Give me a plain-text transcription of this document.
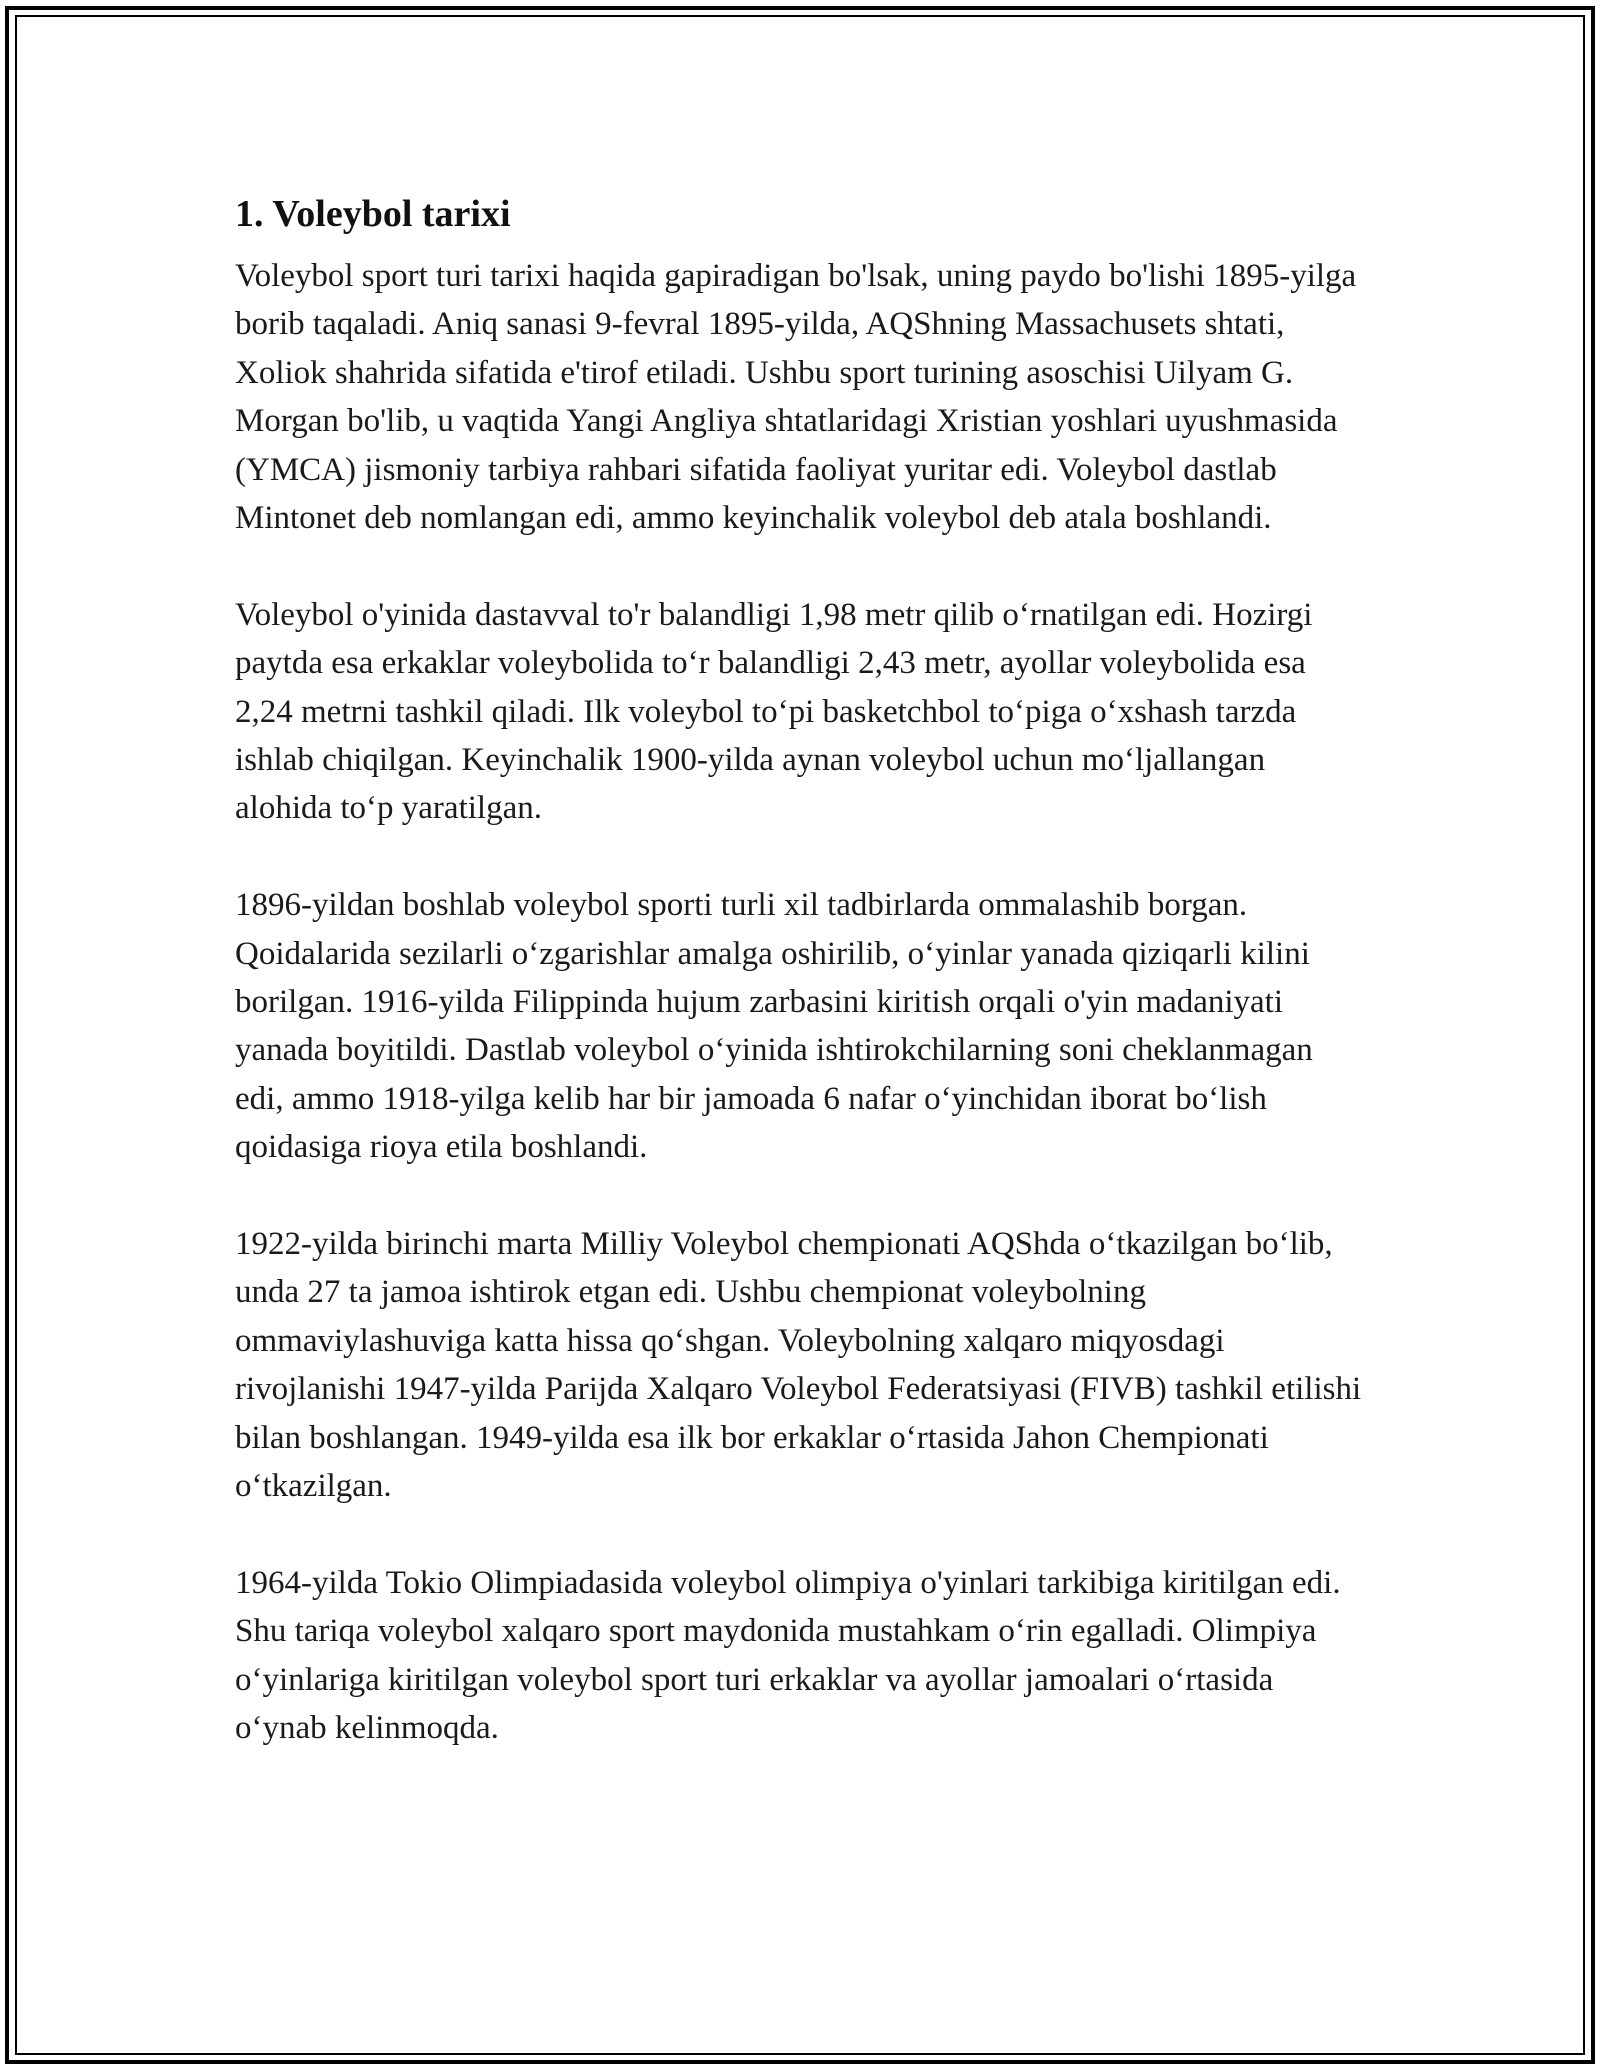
1. Voleybol tarixi

Voleybol sport turi tarixi haqida gapiradigan bo'lsak, uning paydo bo'lishi 1895-yilga borib taqaladi. Aniq sanasi 9-fevral 1895-yilda, AQShning Massachusets shtati, Xoliok shahrida sifatida e'tirof etiladi. Ushbu sport turining asoschisi Uilyam G. Morgan bo'lib, u vaqtida Yangi Angliya shtatlaridagi Xristian yoshlari uyushmasida (YMCA) jismoniy tarbiya rahbari sifatida faoliyat yuritar edi. Voleybol dastlab Mintonet deb nomlangan edi, ammo keyinchalik voleybol deb atala boshlandi.

Voleybol o'yinida dastavval to'r balandligi 1,98 metr qilib oʻrnatilgan edi. Hozirgi paytda esa erkaklar voleybolida toʻr balandligi 2,43 metr, ayollar voleybolida esa 2,24 metrni tashkil qiladi. Ilk voleybol toʻpi basketchbol toʻpiga oʻxshash tarzda ishlab chiqilgan. Keyinchalik 1900-yilda aynan voleybol uchun moʻljallangan alohida toʻp yaratilgan.

1896-yildan boshlab voleybol sporti turli xil tadbirlarda ommalashib borgan. Qoidalarida sezilarli oʻzgarishlar amalga oshirilib, oʻyinlar yanada qiziqarli kilini borilgan. 1916-yilda Filippinda hujum zarbasini kiritish orqali o'yin madaniyati yanada boyitildi. Dastlab voleybol oʻyinida ishtirokchilarning soni cheklanmagan edi, ammo 1918-yilga kelib har bir jamoada 6 nafar oʻyinchidan iborat boʻlish qoidasiga rioya etila boshlandi.

1922-yilda birinchi marta Milliy Voleybol chempionati AQShda oʻtkazilgan boʻlib, unda 27 ta jamoa ishtirok etgan edi. Ushbu chempionat voleybolning ommaviylashuviga katta hissa qoʻshgan. Voleybolning xalqaro miqyosdagi rivojlanishi 1947-yilda Parijda Xalqaro Voleybol Federatsiyasi (FIVB) tashkil etilishi bilan boshlangan. 1949-yilda esa ilk bor erkaklar oʻrtasida Jahon Chempionati oʻtkazilgan.

1964-yilda Tokio Olimpiadasida voleybol olimpiya o'yinlari tarkibiga kiritilgan edi. Shu tariqa voleybol xalqaro sport maydonida mustahkam oʻrin egalladi. Olimpiya oʻyinlariga kiritilgan voleybol sport turi erkaklar va ayollar jamoalari oʻrtasida oʻynab kelinmoqda.
